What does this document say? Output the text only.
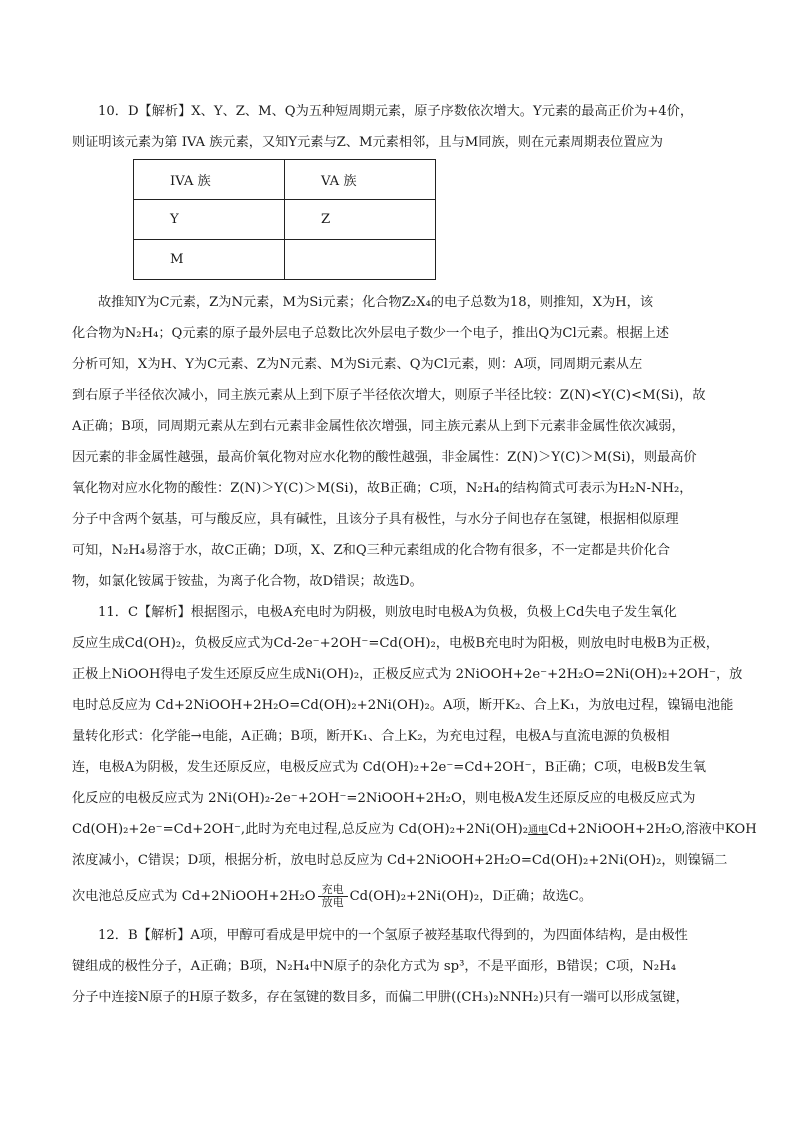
10．D【解析】X、Y、Z、M、Q为五种短周期元素，原子序数依次增大。Y元素的最高正价为+4价，
则证明该元素为第 IVA 族元素，又知Y元素与Z、M元素相邻，且与M同族，则在元素周期表位置应为
IVA 族	VA 族
Y	Z
M	
故推知Y为C元素，Z为N元素，M为Si元素；化合物Z₂X₄的电子总数为18，则推知，X为H，该
化合物为N₂H₄；Q元素的原子最外层电子总数比次外层电子数少一个电子，推出Q为Cl元素。根据上述
分析可知，X为H、Y为C元素、Z为N元素、M为Si元素、Q为Cl元素，则：A项，同周期元素从左
到右原子半径依次减小，同主族元素从上到下原子半径依次增大，则原子半径比较：Z(N)<Y(C)<M(Si)，故
A正确；B项，同周期元素从左到右元素非金属性依次增强，同主族元素从上到下元素非金属性依次减弱，
因元素的非金属性越强，最高价氧化物对应水化物的酸性越强，非金属性：Z(N)＞Y(C)＞M(Si)，则最高价
氧化物对应水化物的酸性：Z(N)＞Y(C)＞M(Si)，故B正确；C项，N₂H₄的结构简式可表示为H₂N-NH₂，
分子中含两个氨基，可与酸反应，具有碱性，且该分子具有极性，与水分子间也存在氢键，根据相似原理
可知，N₂H₄易溶于水，故C正确；D项，X、Z和Q三种元素组成的化合物有很多，不一定都是共价化合
物，如氯化铵属于铵盐，为离子化合物，故D错误；故选D。
11．C【解析】根据图示，电极A充电时为阴极，则放电时电极A为负极，负极上Cd失电子发生氧化
反应生成Cd(OH)₂，负极反应式为Cd-2e⁻+2OH⁻=Cd(OH)₂，电极B充电时为阳极，则放电时电极B为正极，
正极上NiOOH得电子发生还原反应生成Ni(OH)₂，正极反应式为 2NiOOH+2e⁻+2H₂O=2Ni(OH)₂+2OH⁻，放
电时总反应为 Cd+2NiOOH+2H₂O=Cd(OH)₂+2Ni(OH)₂。A项，断开K₂、合上K₁，为放电过程，镍镉电池能
量转化形式：化学能→电能，A正确；B项，断开K₁、合上K₂，为充电过程，电极A与直流电源的负极相
连，电极A为阴极，发生还原反应，电极反应式为 Cd(OH)₂+2e⁻=Cd+2OH⁻，B正确；C项，电极B发生氧
化反应的电极反应式为 2Ni(OH)₂-2e⁻+2OH⁻=2NiOOH+2H₂O，则电极A发生还原反应的电极反应式为
Cd(OH)₂+2e⁻=Cd+2OH⁻,此时为充电过程,总反应为 Cd(OH)₂+2Ni(OH)₂通电Cd+2NiOOH+2H₂O,溶液中KOH
浓度减小，C错误；D项，根据分析，放电时总反应为 Cd+2NiOOH+2H₂O=Cd(OH)₂+2Ni(OH)₂，则镍镉二
次电池总反应式为 Cd+2NiOOH+2H₂O $\frac{\text{充电}}{\text{放电}} Cd(OH)_2+2Ni(OH)_2$，D正确；故选C。
12．B【解析】A项，甲醇可看成是甲烷中的一个氢原子被羟基取代得到的，为四面体结构，是由极性
键组成的极性分子，A正确；B项，N₂H₄中N原子的杂化方式为 sp³，不是平面形，B错误；C项，N₂H₄
分子中连接N原子的H原子数多，存在氢键的数目多，而偏二甲肼((CH₃)₂NNH₂)只有一端可以形成氢键，
